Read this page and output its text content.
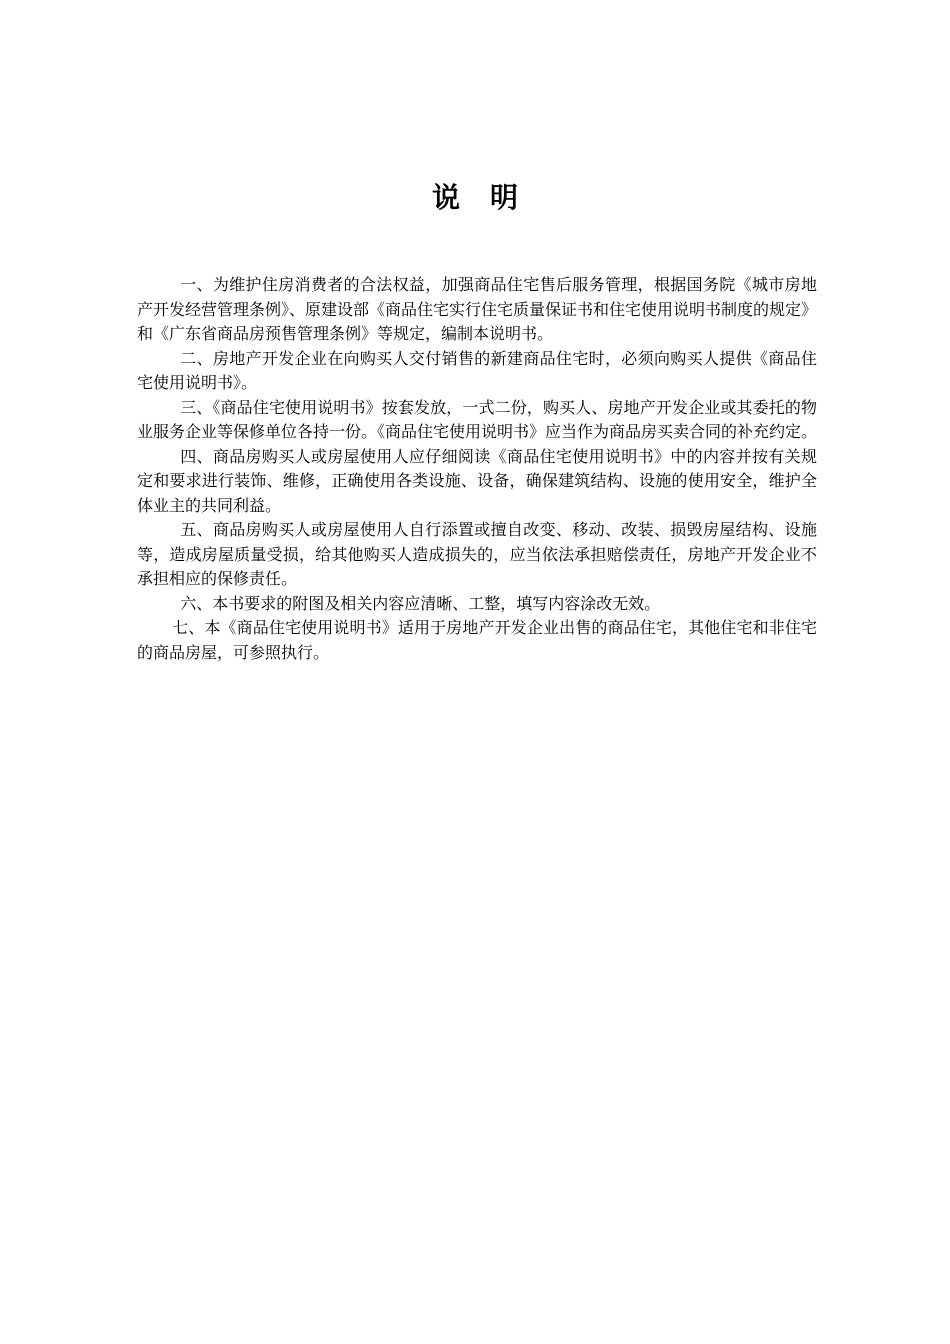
说明

一、为维护住房消费者的合法权益，加强商品住宅售后服务管理，根据国务院《城市房地产开发经营管理条例》、原建设部《商品住宅实行住宅质量保证书和住宅使用说明书制度的规定》和《广东省商品房预售管理条例》等规定，编制本说明书。

二、房地产开发企业在向购买人交付销售的新建商品住宅时，必须向购买人提供《商品住宅使用说明书》。

三、《商品住宅使用说明书》按套发放，一式二份，购买人、房地产开发企业或其委托的物业服务企业等保修单位各持一份。《商品住宅使用说明书》应当作为商品房买卖合同的补充约定。

四、商品房购买人或房屋使用人应仔细阅读《商品住宅使用说明书》中的内容并按有关规定和要求进行装饰、维修，正确使用各类设施、设备，确保建筑结构、设施的使用安全，维护全体业主的共同利益。

五、商品房购买人或房屋使用人自行添置或擅自改变、移动、改装、损毁房屋结构、设施等，造成房屋质量受损，给其他购买人造成损失的，应当依法承担赔偿责任，房地产开发企业不承担相应的保修责任。

六、本书要求的附图及相关内容应清晰、工整，填写内容涂改无效。

七、本《商品住宅使用说明书》适用于房地产开发企业出售的商品住宅，其他住宅和非住宅的商品房屋，可参照执行。
